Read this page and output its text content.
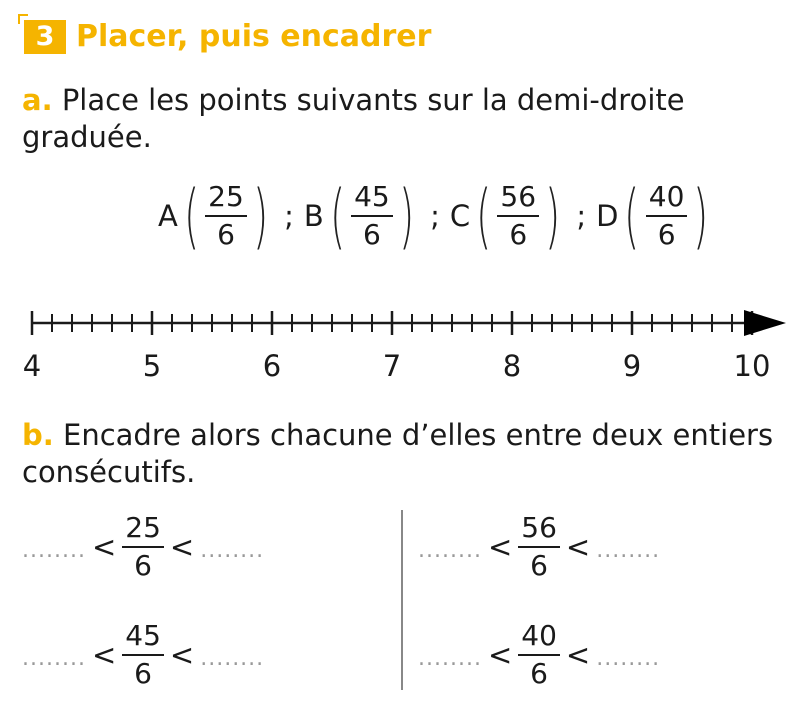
3 Placer, puis encadrer
a. Place les points suivants sur la demi-droite
graduée.
A ( $\frac{25}{6}$ ) ; B ( $\frac{45}{6}$ ) ; C ( $\frac{56}{6}$ ) ; D ( $\frac{40}{6}$ )
4	5	6	7	8	9	10
b. Encadre alors chacune d’elles entre deux entiers
consécutifs.
........ < $\frac{25}{6}$ < ........	........ < $\frac{56}{6}$ < ........
........ < $\frac{45}{6}$ < ........	........ < $\frac{40}{6}$ < ........
